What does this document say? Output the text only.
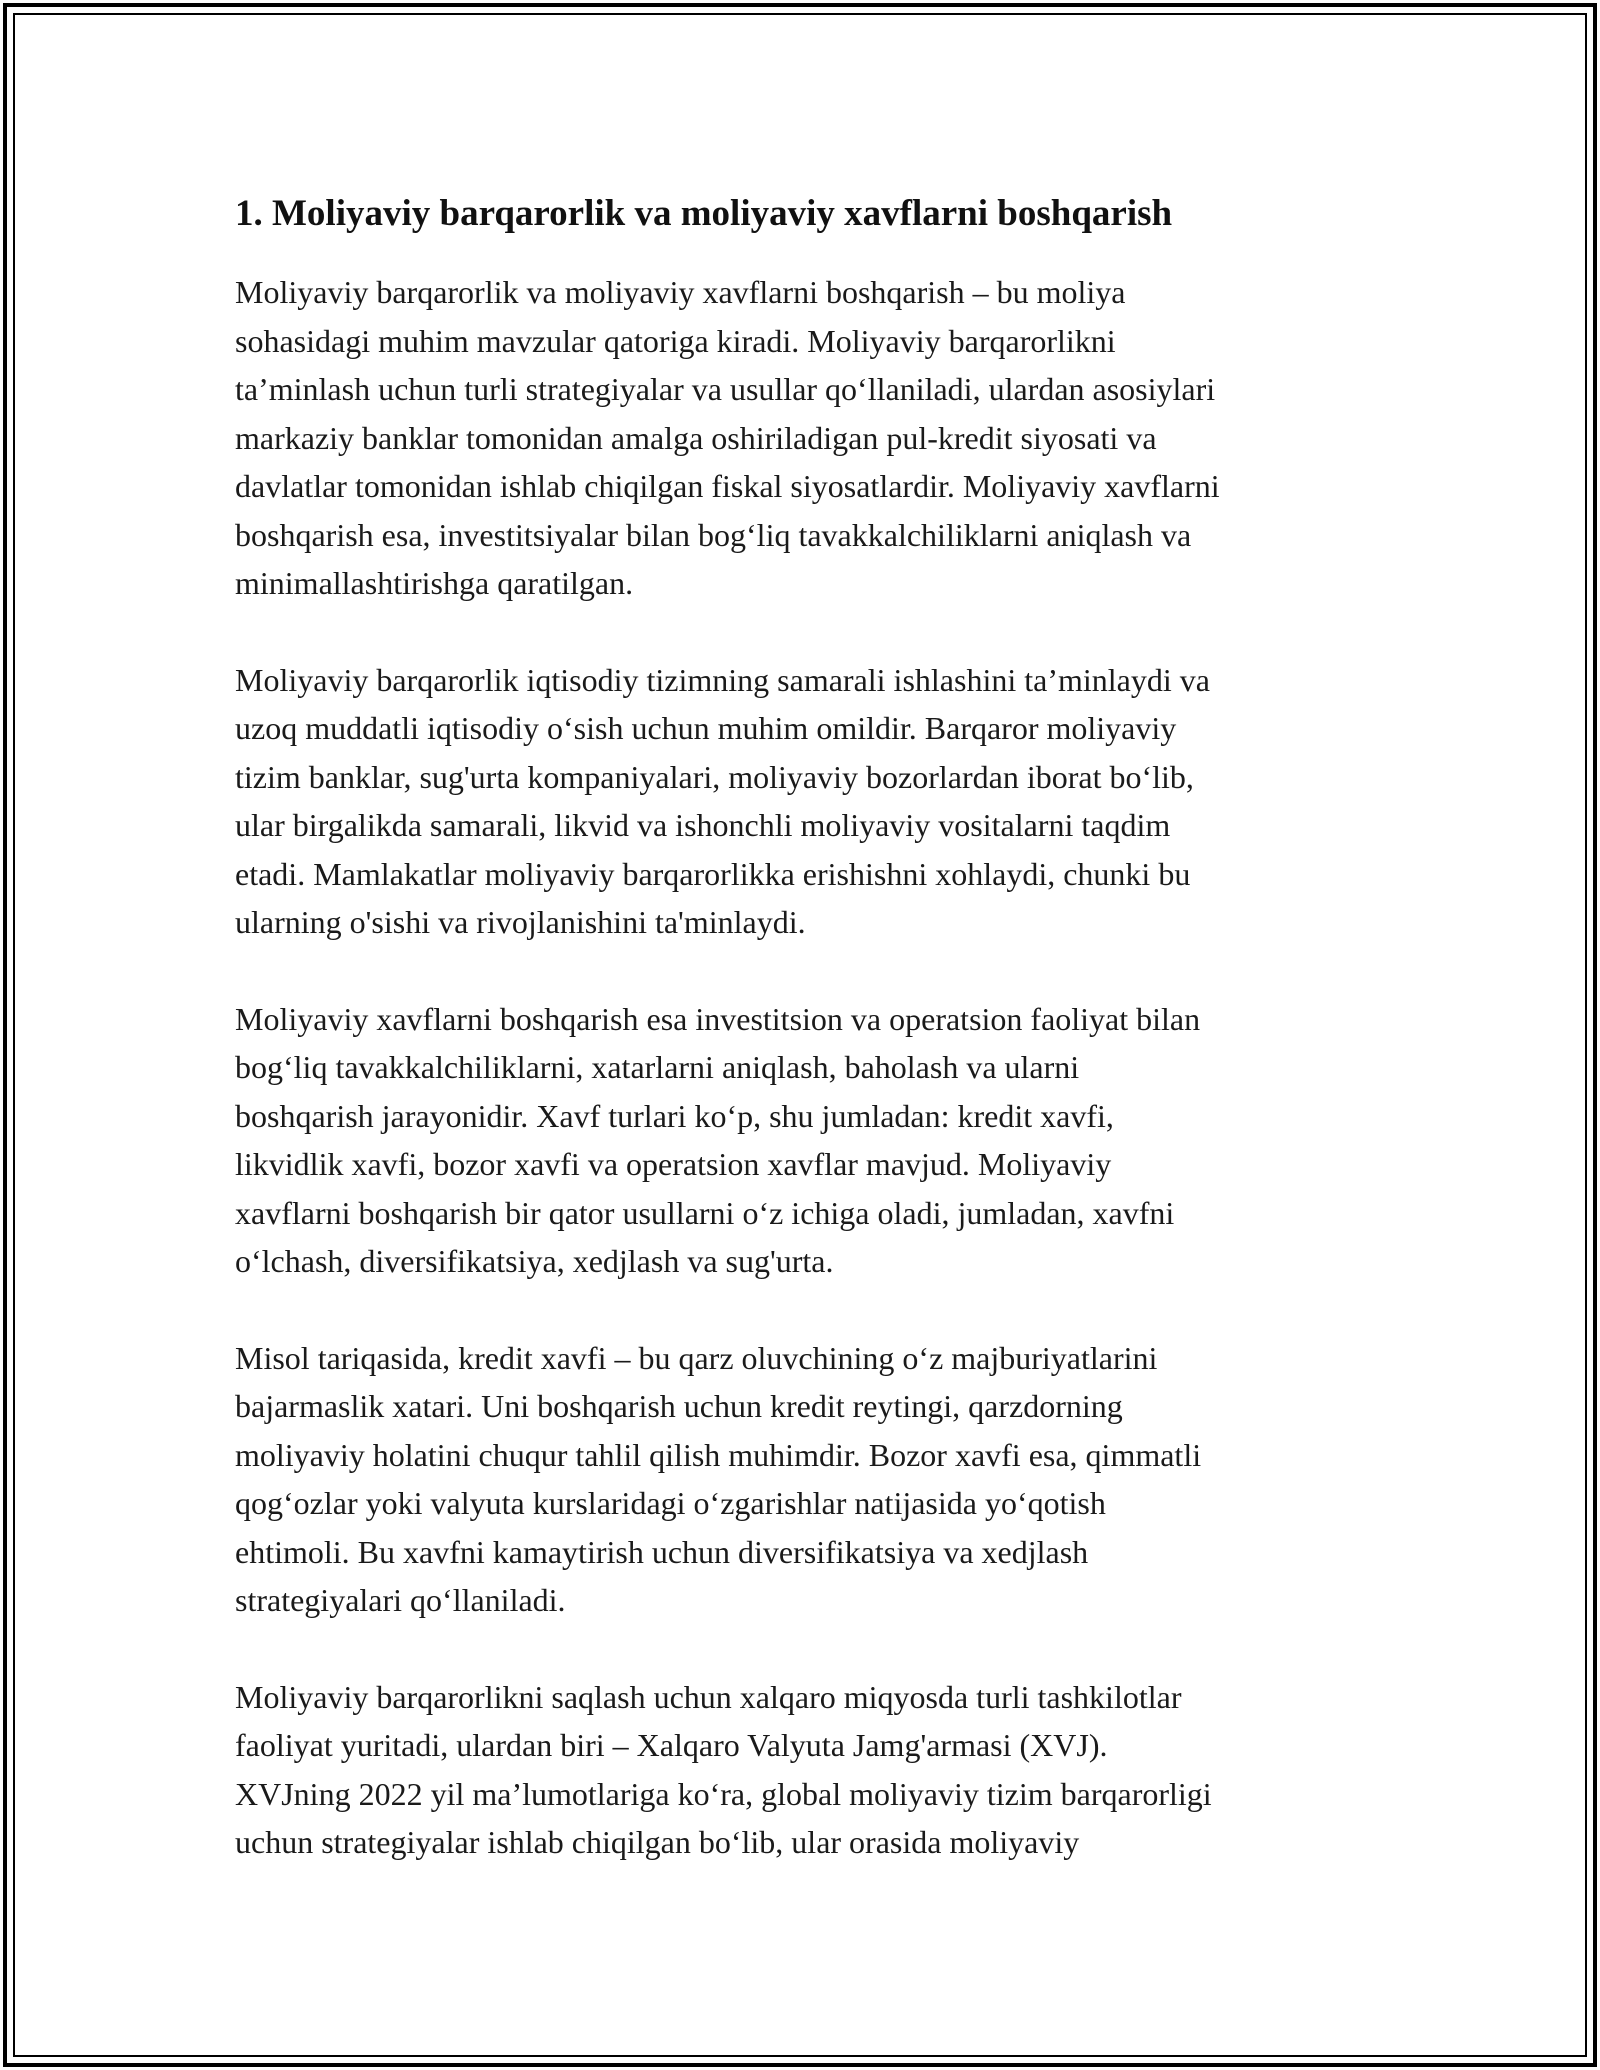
1. Moliyaviy barqarorlik va moliyaviy xavflarni boshqarish
Moliyaviy barqarorlik va moliyaviy xavflarni boshqarish – bu moliya
sohasidagi muhim mavzular qatoriga kiradi. Moliyaviy barqarorlikni
ta’minlash uchun turli strategiyalar va usullar qo‘llaniladi, ulardan asosiylari
markaziy banklar tomonidan amalga oshiriladigan pul-kredit siyosati va
davlatlar tomonidan ishlab chiqilgan fiskal siyosatlardir. Moliyaviy xavflarni
boshqarish esa, investitsiyalar bilan bog‘liq tavakkalchiliklarni aniqlash va
minimallashtirishga qaratilgan.
Moliyaviy barqarorlik iqtisodiy tizimning samarali ishlashini ta’minlaydi va
uzoq muddatli iqtisodiy o‘sish uchun muhim omildir. Barqaror moliyaviy
tizim banklar, sug'urta kompaniyalari, moliyaviy bozorlardan iborat bo‘lib,
ular birgalikda samarali, likvid va ishonchli moliyaviy vositalarni taqdim
etadi. Mamlakatlar moliyaviy barqarorlikka erishishni xohlaydi, chunki bu
ularning o'sishi va rivojlanishini ta'minlaydi.
Moliyaviy xavflarni boshqarish esa investitsion va operatsion faoliyat bilan
bog‘liq tavakkalchiliklarni, xatarlarni aniqlash, baholash va ularni
boshqarish jarayonidir. Xavf turlari ko‘p, shu jumladan: kredit xavfi,
likvidlik xavfi, bozor xavfi va operatsion xavflar mavjud. Moliyaviy
xavflarni boshqarish bir qator usullarni o‘z ichiga oladi, jumladan, xavfni
o‘lchash, diversifikatsiya, xedjlash va sug'urta.
Misol tariqasida, kredit xavfi – bu qarz oluvchining o‘z majburiyatlarini
bajarmaslik xatari. Uni boshqarish uchun kredit reytingi, qarzdorning
moliyaviy holatini chuqur tahlil qilish muhimdir. Bozor xavfi esa, qimmatli
qog‘ozlar yoki valyuta kurslaridagi o‘zgarishlar natijasida yo‘qotish
ehtimoli. Bu xavfni kamaytirish uchun diversifikatsiya va xedjlash
strategiyalari qo‘llaniladi.
Moliyaviy barqarorlikni saqlash uchun xalqaro miqyosda turli tashkilotlar
faoliyat yuritadi, ulardan biri – Xalqaro Valyuta Jamg'armasi (XVJ).
XVJning 2022 yil ma’lumotlariga ko‘ra, global moliyaviy tizim barqarorligi
uchun strategiyalar ishlab chiqilgan bo‘lib, ular orasida moliyaviy
